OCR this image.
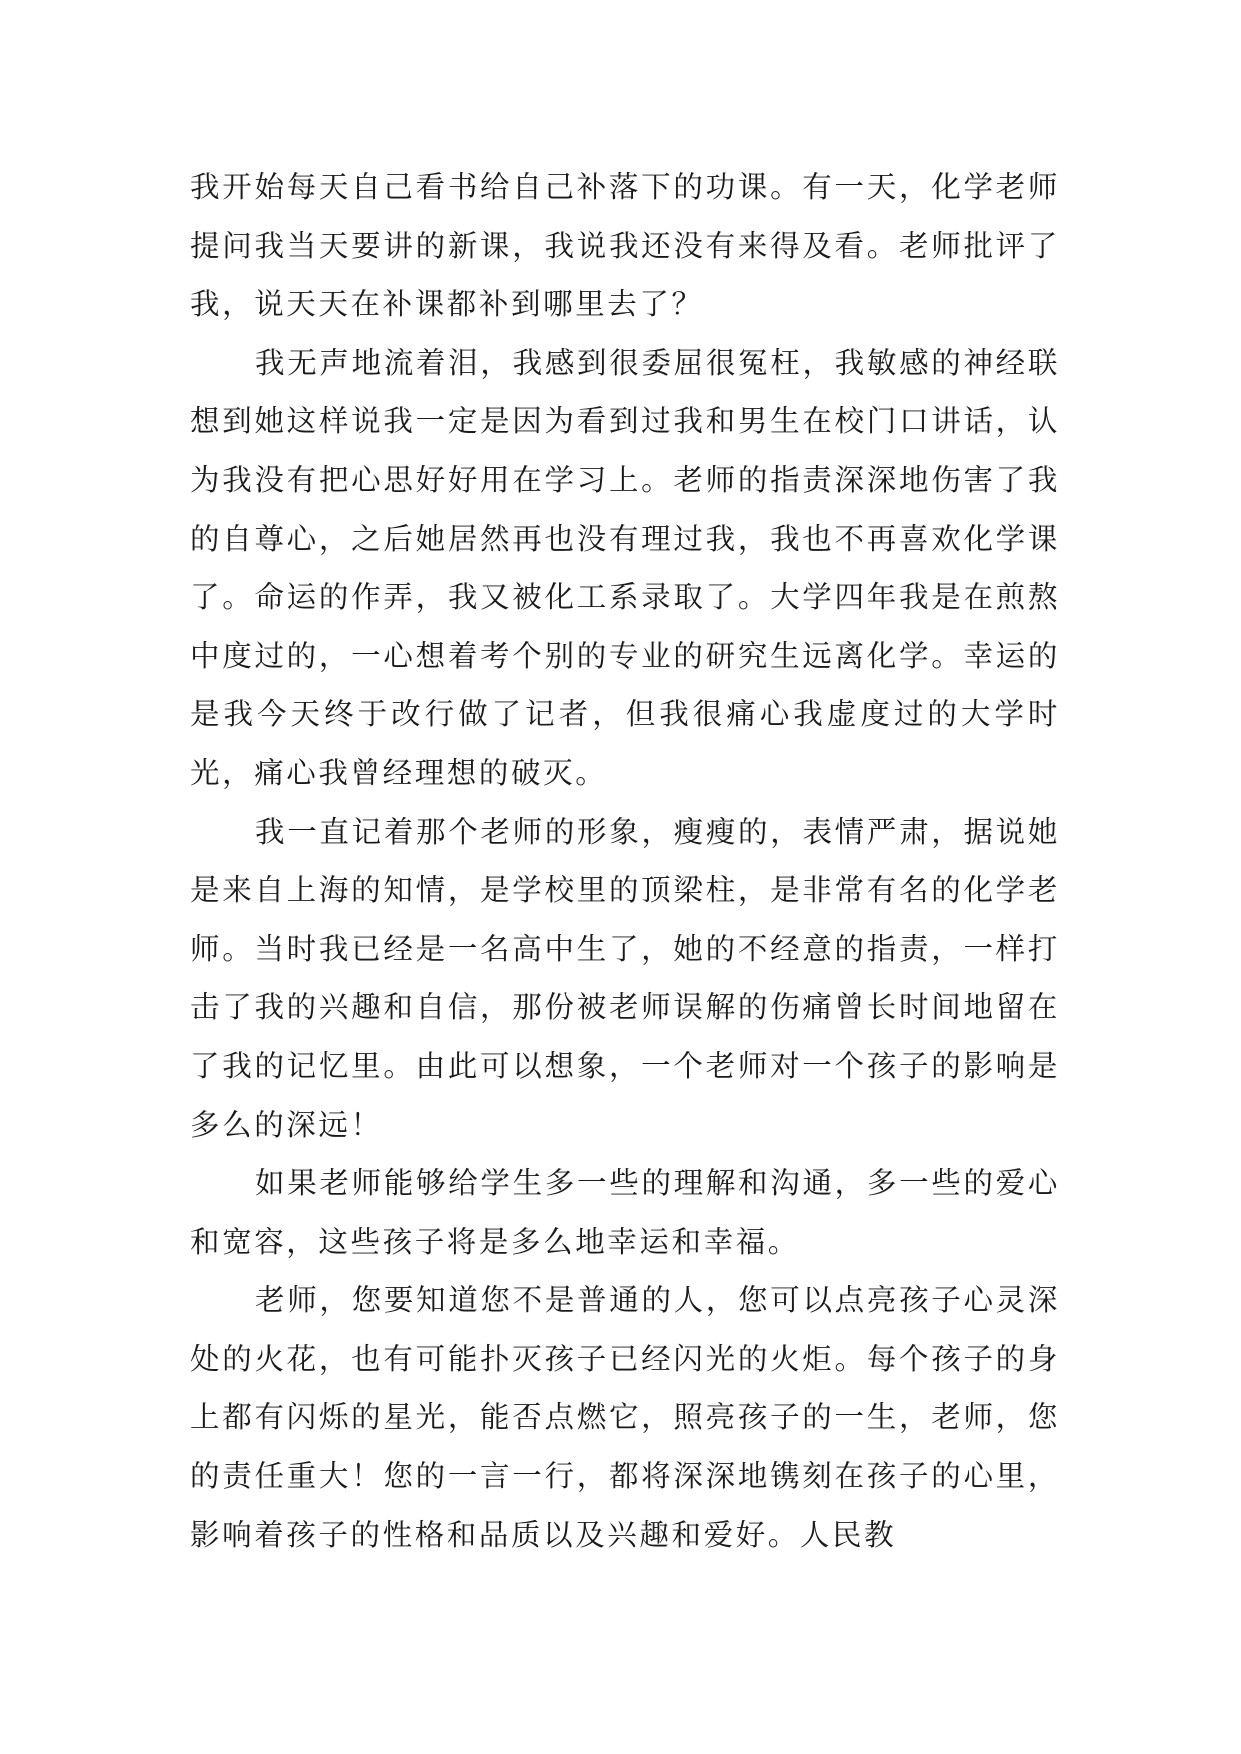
我开始每天自己看书给自己补落下的功课。有一天，化学老师提问我当天要讲的新课，我说我还没有来得及看。老师批评了我，说天天在补课都补到哪里去了？

我无声地流着泪，我感到很委屈很冤枉，我敏感的神经联想到她这样说我一定是因为看到过我和男生在校门口讲话，认为我没有把心思好好用在学习上。老师的指责深深地伤害了我的自尊心，之后她居然再也没有理过我，我也不再喜欢化学课了。命运的作弄，我又被化工系录取了。大学四年我是在煎熬中度过的，一心想着考个别的专业的研究生远离化学。幸运的是我今天终于改行做了记者，但我很痛心我虚度过的大学时光，痛心我曾经理想的破灭。

我一直记着那个老师的形象，瘦瘦的，表情严肃，据说她是来自上海的知情，是学校里的顶梁柱，是非常有名的化学老师。当时我已经是一名高中生了，她的不经意的指责，一样打击了我的兴趣和自信，那份被老师误解的伤痛曾长时间地留在了我的记忆里。由此可以想象，一个老师对一个孩子的影响是多么的深远！

如果老师能够给学生多一些的理解和沟通，多一些的爱心和宽容，这些孩子将是多么地幸运和幸福。

老师，您要知道您不是普通的人，您可以点亮孩子心灵深处的火花，也有可能扑灭孩子已经闪光的火炬。每个孩子的身上都有闪烁的星光，能否点燃它，照亮孩子的一生，老师，您的责任重大！您的一言一行，都将深深地镌刻在孩子的心里，影响着孩子的性格和品质以及兴趣和爱好。人民教
